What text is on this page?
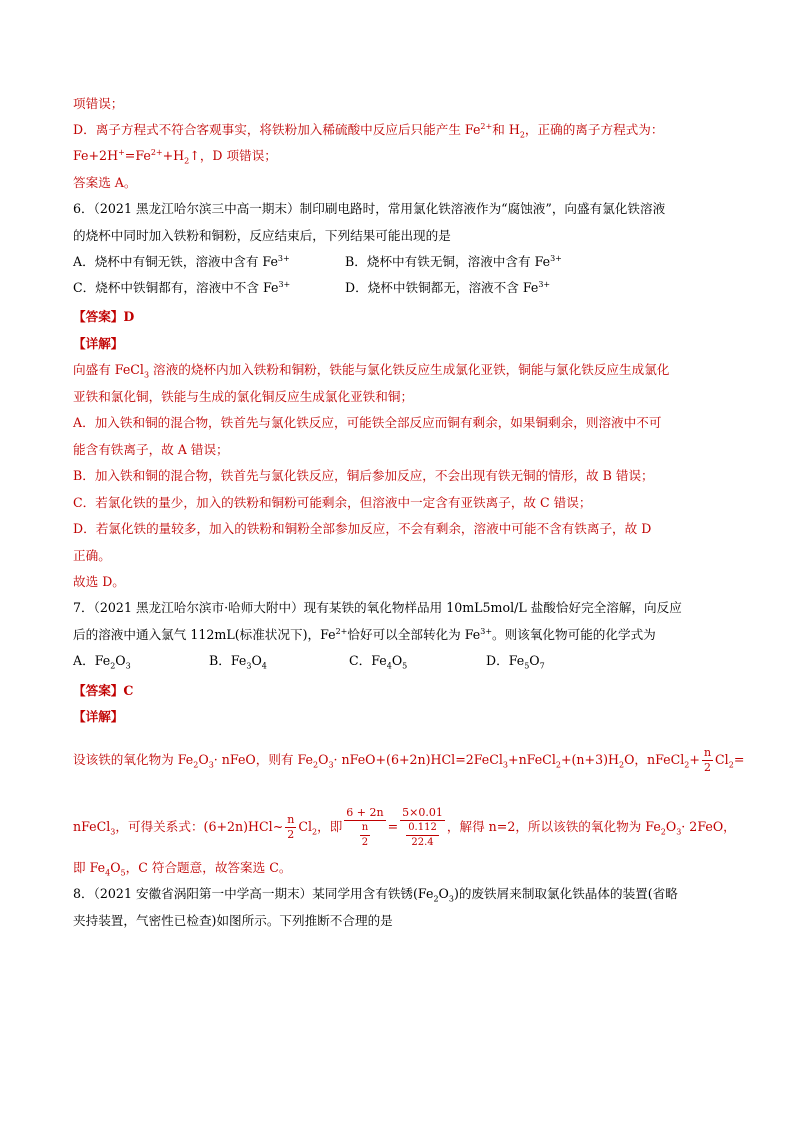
项错误；
D．离子方程式不符合客观事实，将铁粉加入稀硫酸中反应后只能产生 $Fe^{2+}$和 $H_2$，正确的离子方程式为：
$Fe+2H^+=Fe^{2+}+H_2↑$，D 项错误；
答案选 A。
6．（2021 黑龙江哈尔滨三中高一期末）制印刷电路时，常用氯化铁溶液作为“腐蚀液”，向盛有氯化铁溶液
的烧杯中同时加入铁粉和铜粉，反应结束后，下列结果可能出现的是
A．烧杯中有铜无铁，溶液中含有 $Fe^{3+}$	B．烧杯中有铁无铜，溶液中含有 $Fe^{3+}$
C．烧杯中铁铜都有，溶液中不含 $Fe^{3+}$	D．烧杯中铁铜都无，溶液不含 $Fe^{3+}$
【答案】D
【详解】
向盛有 FeCl$_3$ 溶液的烧杯内加入铁粉和铜粉，铁能与氯化铁反应生成氯化亚铁，铜能与氯化铁反应生成氯化
亚铁和氯化铜，铁能与生成的氯化铜反应生成氯化亚铁和铜；
A．加入铁和铜的混合物，铁首先与氯化铁反应，可能铁全部反应而铜有剩余，如果铜剩余，则溶液中不可
能含有铁离子，故 A 错误；
B．加入铁和铜的混合物，铁首先与氯化铁反应，铜后参加反应，不会出现有铁无铜的情形，故 B 错误；
C．若氯化铁的量少，加入的铁粉和铜粉可能剩余，但溶液中一定含有亚铁离子，故 C 错误；
D．若氯化铁的量较多，加入的铁粉和铜粉全部参加反应，不会有剩余，溶液中可能不含有铁离子，故 D
正确。
故选 D。
7．（2021 黑龙江哈尔滨市·哈师大附中）现有某铁的氧化物样品用 10mL5mol/L 盐酸恰好完全溶解，向反应
后的溶液中通入氯气 112mL(标准状况下)，$Fe^{2+}$恰好可以全部转化为 $Fe^{3+}$。则该氧化物可能的化学式为
A．$Fe_2O_3$	B．$Fe_3O_4$	C．$Fe_4O_5$	D．$Fe_5O_7$
【答案】C
【详解】
设该铁的氧化物为 $Fe_2O_3\cdot$ nFeO，则有 $Fe_2O_3\cdot$ $nFeO+(6+2n)HCl=2FeCl_3+nFeCl_2+(n+3)H_2O$，nFeCl$_2$+ $\frac{n}{2} Cl_2=$
nFeCl$_3$，可得关系式：(6+2n)HCl~ $\frac{n}{2} Cl_2$，即 $\frac{6 + 2n}{\frac{n}{2}} = \frac{5\times 0.01}{\frac{0.112}{22.4}}$ ，解得 n=2，所以该铁的氧化物为 $Fe_2O_3\cdot 2FeO$，
即 $Fe_4O_5$，C 符合题意，故答案选 C。
8．（2021 安徽省涡阳第一中学高一期末）某同学用含有铁锈$(Fe_2O_3)$的废铁屑来制取氯化铁晶体的装置(省略
夹持装置，气密性已检查)如图所示。下列推断不合理的是
